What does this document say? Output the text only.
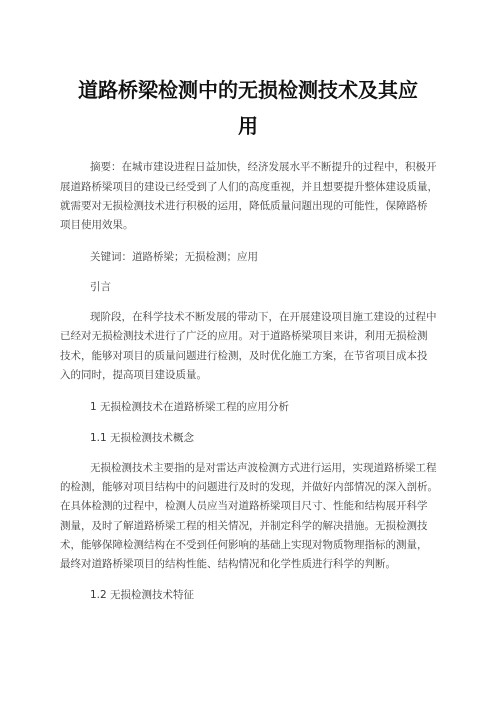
道路桥梁检测中的无损检测技术及其应
用
摘要：在城市建设进程日益加快，经济发展水平不断提升的过程中，积极开
展道路桥梁项目的建设已经受到了人们的高度重视，并且想要提升整体建设质量，
就需要对无损检测技术进行积极的运用，降低质量问题出现的可能性，保障路桥
项目使用效果。
关键词：道路桥梁；无损检测；应用
引言
现阶段，在科学技术不断发展的带动下，在开展建设项目施工建设的过程中
已经对无损检测技术进行了广泛的应用。对于道路桥梁项目来讲，利用无损检测
技术，能够对项目的质量问题进行检测，及时优化施工方案，在节省项目成本投
入的同时，提高项目建设质量。
1 无损检测技术在道路桥梁工程的应用分析
1.1 无损检测技术概念
无损检测技术主要指的是对雷达声波检测方式进行运用，实现道路桥梁工程
的检测，能够对项目结构中的问题进行及时的发现，并做好内部情况的深入剖析。
在具体检测的过程中，检测人员应当对道路桥梁项目尺寸、性能和结构展开科学
测量，及时了解道路桥梁工程的相关情况，并制定科学的解决措施。无损检测技
术，能够保障检测结构在不受到任何影响的基础上实现对物质物理指标的测量，
最终对道路桥梁项目的结构性能、结构情况和化学性质进行科学的判断。
1.2 无损检测技术特征
